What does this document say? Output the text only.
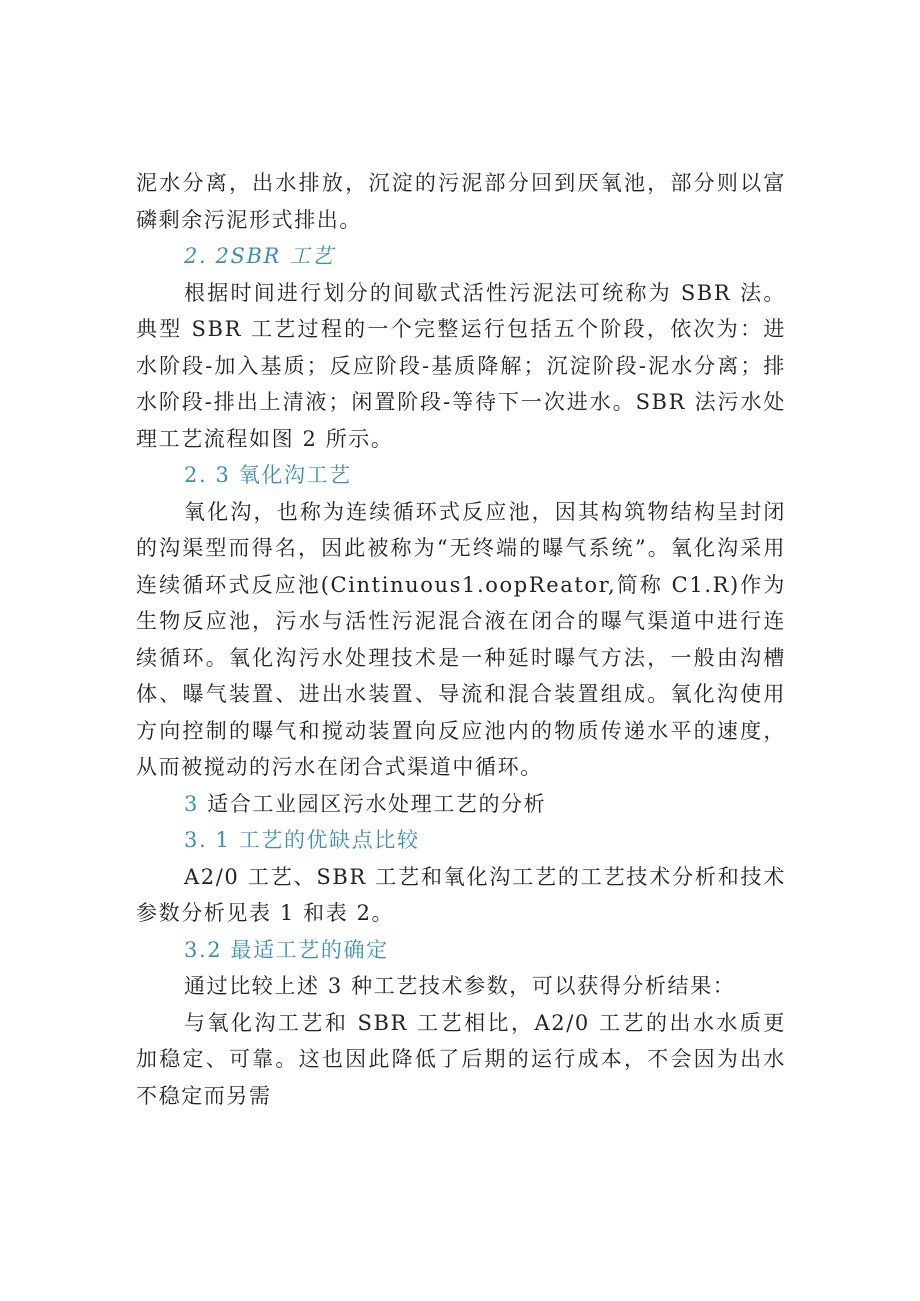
泥水分离，出水排放，沉淀的污泥部分回到厌氧池，部分则以富磷剩余污泥形式排出。

2. 2SBR 工艺

根据时间进行划分的间歇式活性污泥法可统称为 SBR 法。典型 SBR 工艺过程的一个完整运行包括五个阶段，依次为：进水阶段-加入基质；反应阶段-基质降解；沉淀阶段-泥水分离；排水阶段-排出上清液；闲置阶段-等待下一次进水。SBR 法污水处理工艺流程如图 2 所示。

2. 3 氧化沟工艺

氧化沟，也称为连续循环式反应池，因其构筑物结构呈封闭的沟渠型而得名，因此被称为“无终端的曝气系统”。氧化沟采用连续循环式反应池(Cintinuous1.oopReator,简称 C1.R)作为生物反应池，污水与活性污泥混合液在闭合的曝气渠道中进行连续循环。氧化沟污水处理技术是一种延时曝气方法，一般由沟槽体、曝气装置、进出水装置、导流和混合装置组成。氧化沟使用方向控制的曝气和搅动装置向反应池内的物质传递水平的速度，从而被搅动的污水在闭合式渠道中循环。

3 适合工业园区污水处理工艺的分析

3. 1 工艺的优缺点比较

A2/0 工艺、SBR 工艺和氧化沟工艺的工艺技术分析和技术参数分析见表 1 和表 2。

3.2 最适工艺的确定

通过比较上述 3 种工艺技术参数，可以获得分析结果：

与氧化沟工艺和 SBR 工艺相比，A2/0 工艺的出水水质更加稳定、可靠。这也因此降低了后期的运行成本，不会因为出水不稳定而另需
